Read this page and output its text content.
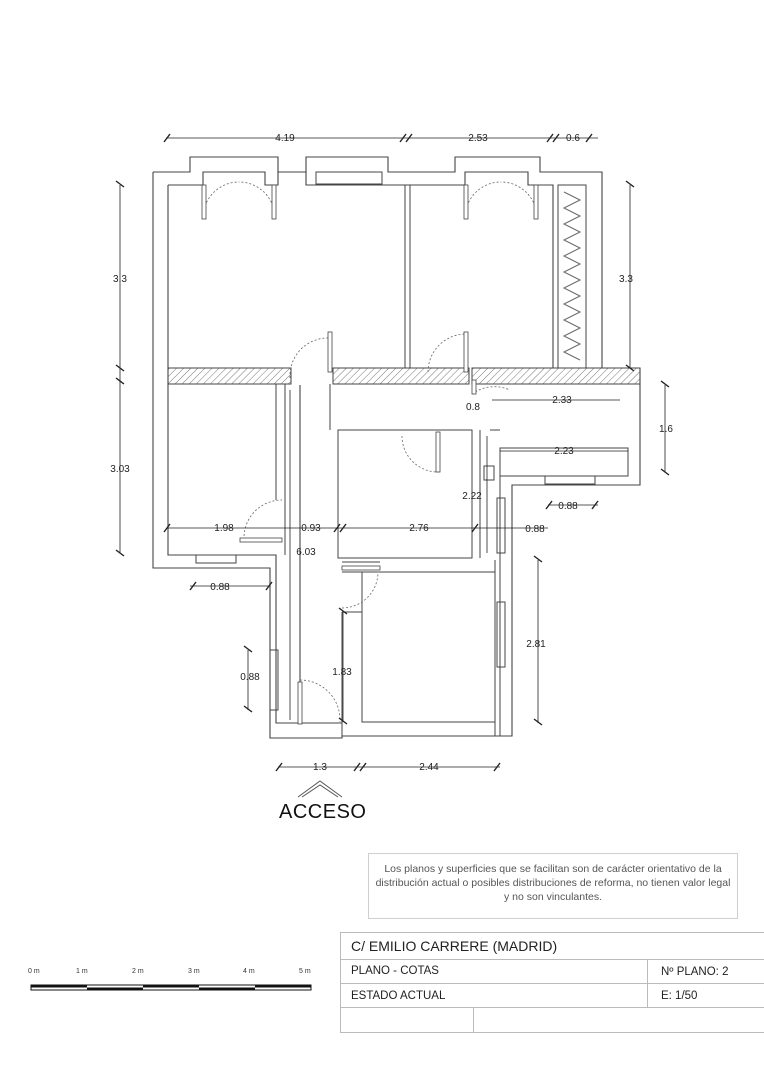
4.19	2.53	0.6
3.3	3.3
3.03
1.98	0.93
6.03
2.76
0.8
2.33
1.6
2.23
2.22
0.88
0.88
0.88
0.88	1.83
2.81
1.3	2.44
ACCESO
Los planos y superficies que se facilitan son de carácter orientativo de la distribución actual o posibles distribuciones de reforma, no tienen valor legal y no son vinculantes.
0 m	1 m	2 m	3 m	4 m	5 m
C/ EMILIO CARRERE (MADRID)
PLANO - COTAS	Nº PLANO: 2
ESTADO ACTUAL	E: 1/50
